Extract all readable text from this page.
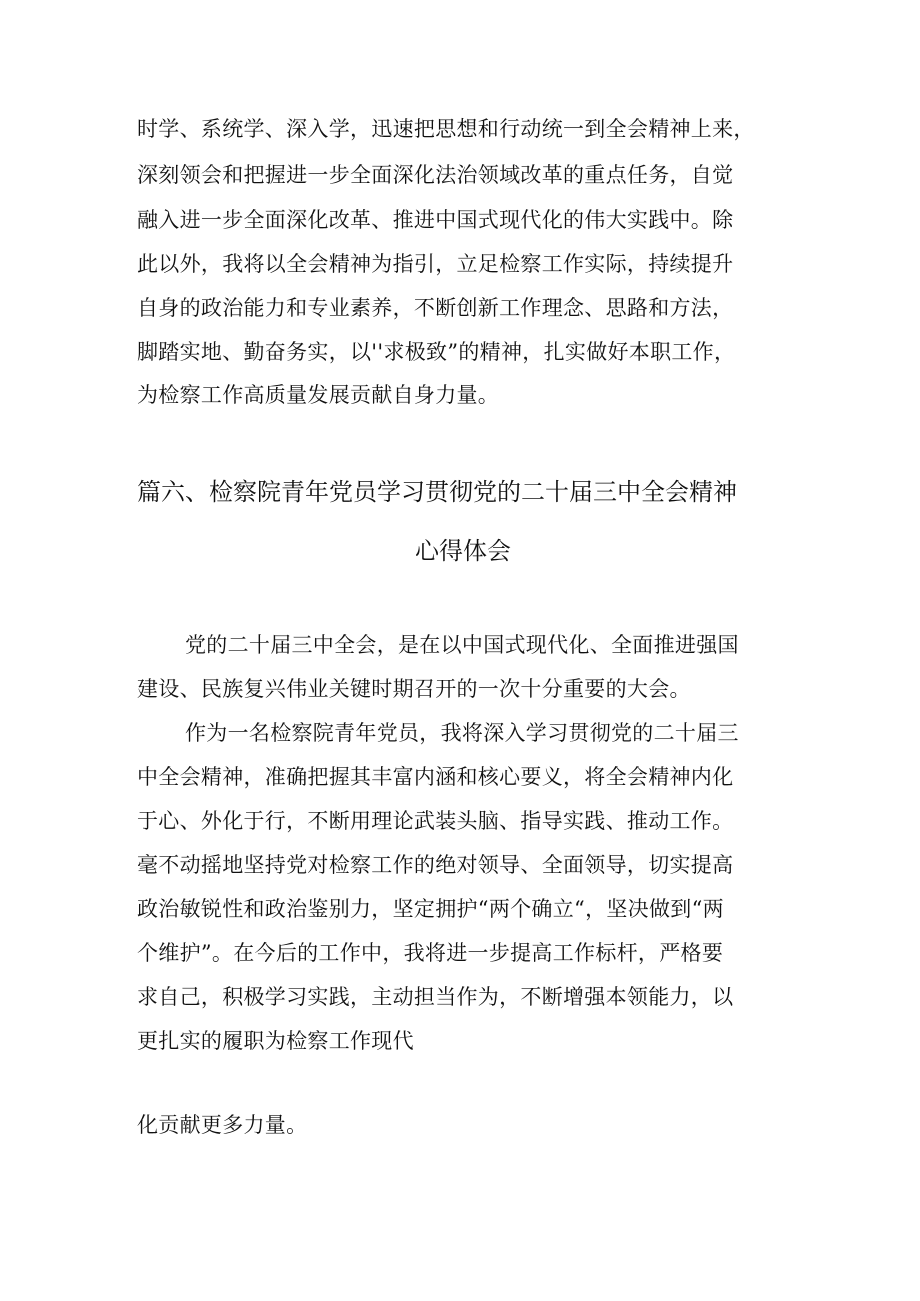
时学、系统学、深入学，迅速把思想和行动统一到全会精神上来，

深刻领会和把握进一步全面深化法治领域改革的重点任务，自觉

融入进一步全面深化改革、推进中国式现代化的伟大实践中。除

此以外，我将以全会精神为指引，立足检察工作实际，持续提升

自身的政治能力和专业素养，不断创新工作理念、思路和方法，

脚踏实地、勤奋务实，以''求极致”的精神，扎实做好本职工作，

为检察工作高质量发展贡献自身力量。

篇六、检察院青年党员学习贯彻党的二十届三中全会精神
心得体会

党的二十届三中全会，是在以中国式现代化、全面推进强国

建设、民族复兴伟业关键时期召开的一次十分重要的大会。

作为一名检察院青年党员，我将深入学习贯彻党的二十届三

中全会精神，准确把握其丰富内涵和核心要义，将全会精神内化

于心、外化于行，不断用理论武装头脑、指导实践、推动工作。

毫不动摇地坚持党对检察工作的绝对领导、全面领导，切实提高

政治敏锐性和政治鉴别力，坚定拥护“两个确立“，坚决做到“两

个维护”。在今后的工作中，我将进一步提高工作标杆，严格要

求自己，积极学习实践，主动担当作为，不断增强本领能力，以

更扎实的履职为检察工作现代

化贡献更多力量。
